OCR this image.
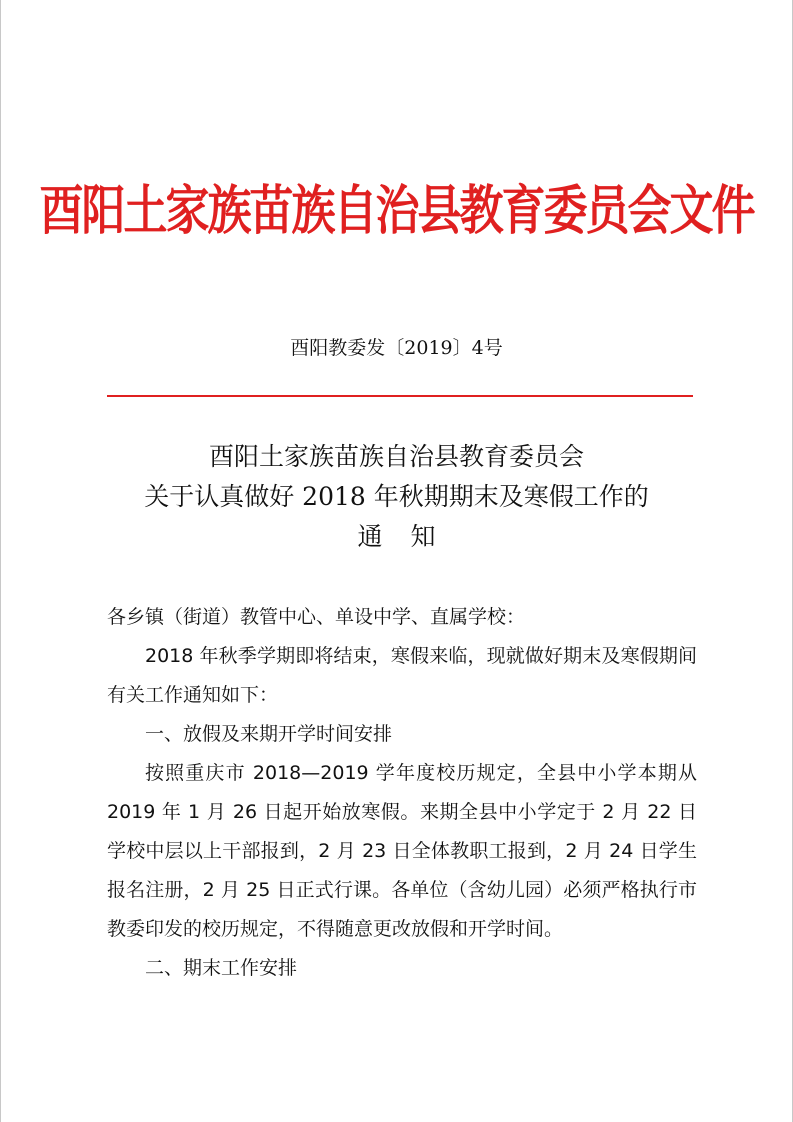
酉阳土家族苗族自治县教育委员会文件
酉阳教委发〔2019〕4号
酉阳土家族苗族自治县教育委员会
关于认真做好 2018 年秋期期末及寒假工作的
通知

各乡镇（街道）教管中心、单设中学、直属学校：

2018 年秋季学期即将结束，寒假来临，现就做好期末及寒假期间有关工作通知如下：

一、放假及来期开学时间安排

按照重庆市 2018—2019 学年度校历规定，全县中小学本期从 2019 年 1 月 26 日起开始放寒假。来期全县中小学定于 2 月 22 日学校中层以上干部报到，2 月 23 日全体教职工报到，2 月 24 日学生报名注册，2 月 25 日正式行课。各单位（含幼儿园）必须严格执行市教委印发的校历规定，不得随意更改放假和开学时间。

二、期末工作安排
